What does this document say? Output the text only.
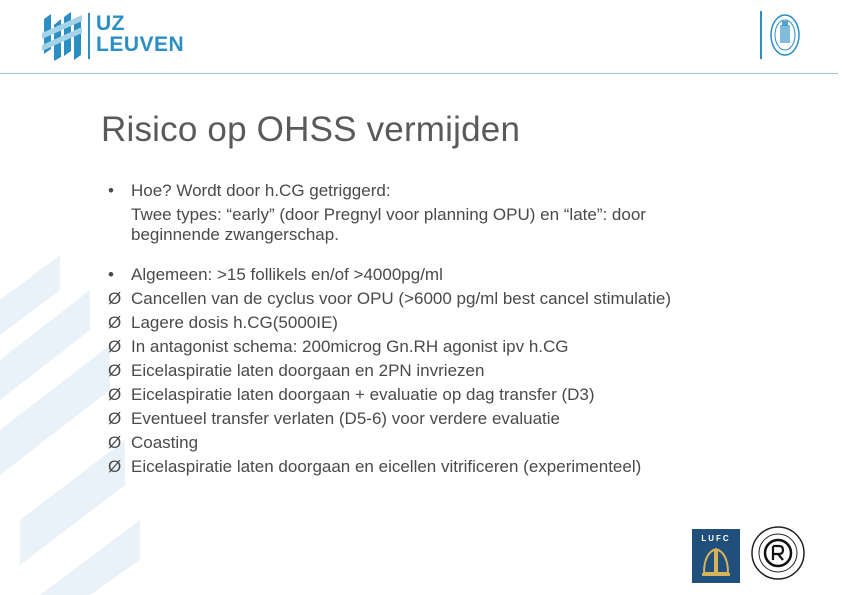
UZ
LEUVEN
Risico op OHSS vermijden
•	Hoe? Wordt door h.CG getriggerd:
Twee types: “early” (door Pregnyl voor planning OPU) en “late”: door
beginnende zwangerschap.
•	Algemeen: >15 follikels en/of >4000pg/ml
Ø Cancellen van de cyclus voor OPU (>6000 pg/ml best cancel stimulatie)
Ø Lagere dosis h.CG(5000IE)
Ø In antagonist schema: 200microg Gn.RH agonist ipv h.CG
Ø Eicelaspiratie laten doorgaan en 2PN invriezen
Ø Eicelaspiratie laten doorgaan + evaluatie op dag transfer (D3)
Ø Eventueel transfer verlaten (D5-6) voor verdere evaluatie
Ø Coasting
Ø Eicelaspiratie laten doorgaan en eicellen vitrificeren (experimenteel)
LUFC
